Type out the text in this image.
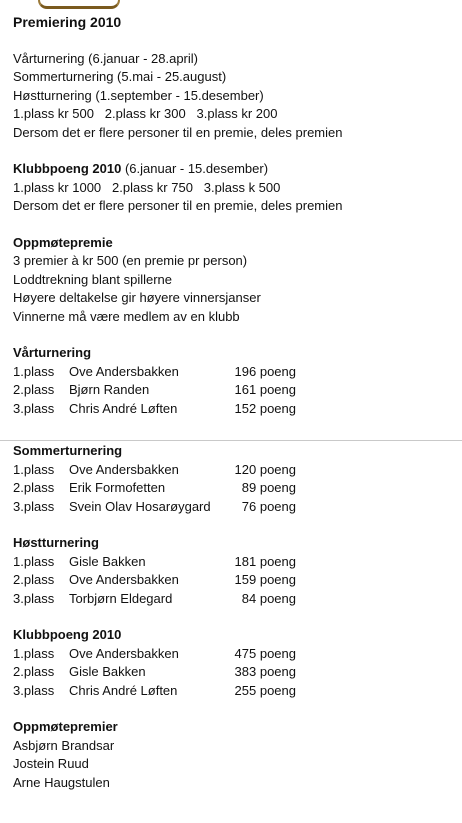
Premiering 2010
Vårturnering (6.januar - 28.april)
Sommerturnering (5.mai - 25.august)
Høstturnering (1.september - 15.desember)
1.plass kr 500   2.plass kr 300   3.plass kr 200
Dersom det er flere personer til en premie, deles premien
Klubbpoeng 2010 (6.januar - 15.desember)
1.plass kr 1000   2.plass kr 750   3.plass k 500
Dersom det er flere personer til en premie, deles premien
Oppmøtepremie
3 premier à kr 500 (en premie pr person)
Loddtrekning blant spillerne
Høyere deltakelse gir høyere vinnersjanser
Vinnerne må være medlem av en klubb
Vårturnering
1.plass	Ove Andersbakken	196 poeng
2.plass	Bjørn Randen	161 poeng
3.plass	Chris André Løften	152 poeng
Sommerturnering
1.plass	Ove Andersbakken	120 poeng
2.plass	Erik Formofetten	89 poeng
3.plass	Svein Olav Hosarøygard	76 poeng
Høstturnering
1.plass	Gisle Bakken	181 poeng
2.plass	Ove Andersbakken	159 poeng
3.plass	Torbjørn Eldegard	84 poeng
Klubbpoeng 2010
1.plass	Ove Andersbakken	475 poeng
2.plass	Gisle Bakken	383 poeng
3.plass	Chris André Løften	255 poeng
Oppmøtepremier
Asbjørn Brandsar
Jostein Ruud
Arne Haugstulen
